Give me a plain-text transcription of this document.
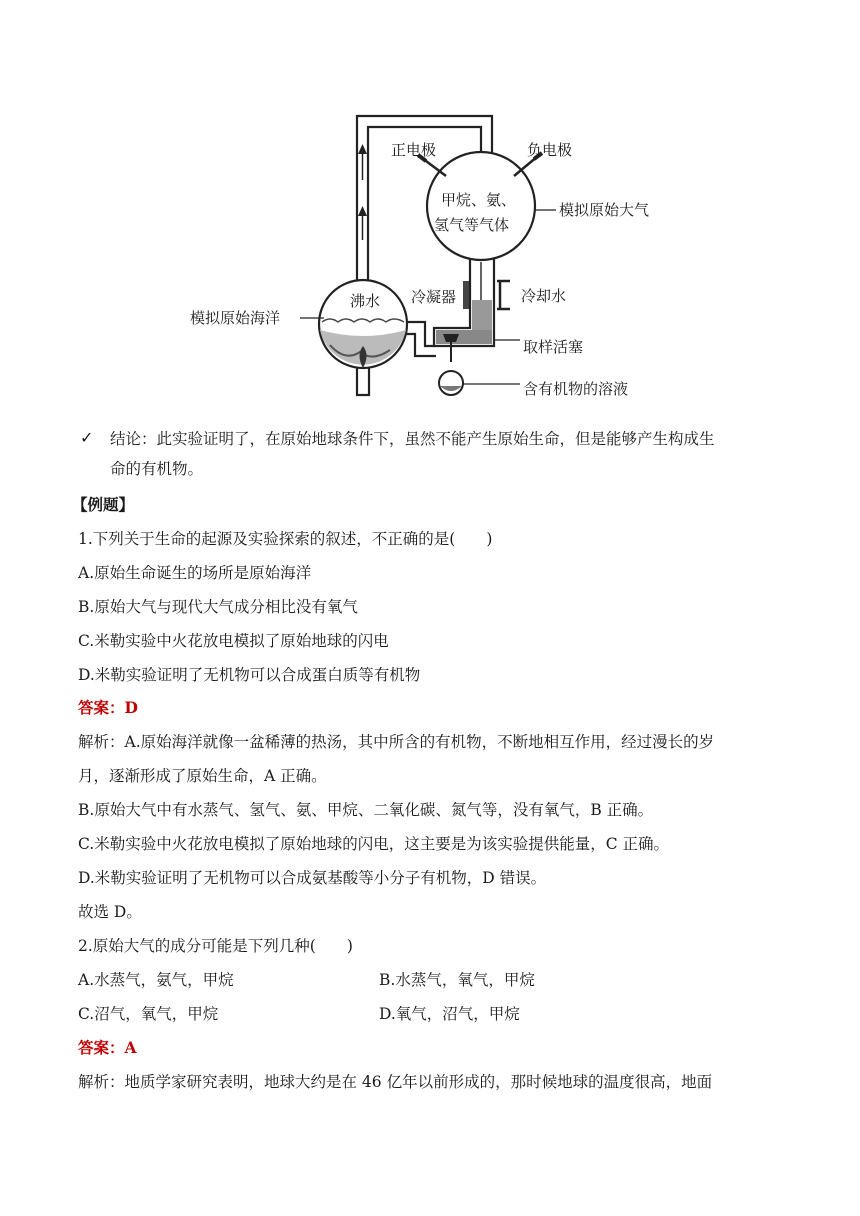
正电极	负电极
甲烷、氨、
氢气等气体
模拟原始大气
沸水 冷凝器	冷却水
模拟原始海洋
取样活塞
含有机物的溶液
✓ 结论：此实验证明了，在原始地球条件下，虽然不能产生原始生命，但是能够产生构成生
命的有机物。
【例题】
1.下列关于生命的起源及实验探索的叙述，不正确的是(　　)
A.原始生命诞生的场所是原始海洋
B.原始大气与现代大气成分相比没有氧气
C.米勒实验中火花放电模拟了原始地球的闪电
D.米勒实验证明了无机物可以合成蛋白质等有机物
答案：D
解析：A.原始海洋就像一盆稀薄的热汤，其中所含的有机物，不断地相互作用，经过漫长的岁
月，逐渐形成了原始生命，A 正确。
B.原始大气中有水蒸气、氢气、氨、甲烷、二氧化碳、氮气等，没有氧气，B 正确。
C.米勒实验中火花放电模拟了原始地球的闪电，这主要是为该实验提供能量，C 正确。
D.米勒实验证明了无机物可以合成氨基酸等小分子有机物，D 错误。
故选 D。
2.原始大气的成分可能是下列几种(　　)
A.水蒸气，氨气，甲烷	B.水蒸气，氧气，甲烷
C.沼气，氧气，甲烷	D.氧气，沼气，甲烷
答案：A
解析：地质学家研究表明，地球大约是在 46 亿年以前形成的，那时候地球的温度很高，地面
